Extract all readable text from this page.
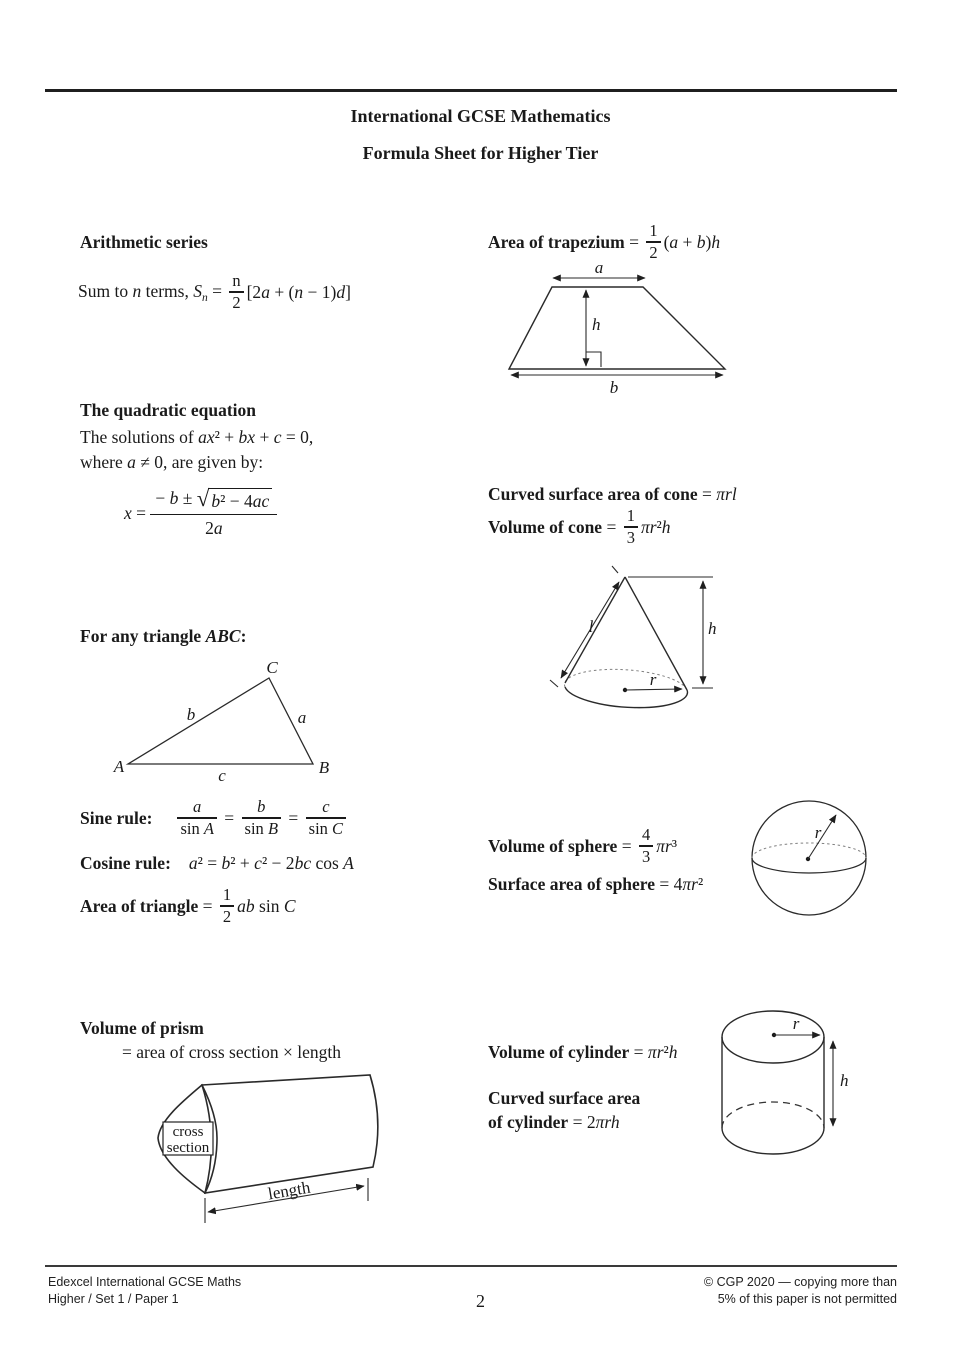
International GCSE Mathematics
Formula Sheet for Higher Tier
Arithmetic series
Sum to n terms, $S_n = \frac{n}{2} [2a + (n - 1)d]$
Area of trapezium = $\frac{1}{2} (a + b)h$
a
h
b
The quadratic equation
The solutions of ax² + bx + c = 0,
where a ≠ 0, are given by:
x =
− b ± √ b² − 4ac
2a
Curved surface area of cone = πrl
Volume of cone = $\frac{1}{3} \pi r^2h$
l	h
r
For any triangle ABC :
A	B
C
b	a
c
Sine rule: $\frac{a}{\text{sin A}} = \frac{b}{\text{sin B}} = \frac{c}{\text{sin C}}$
Cosine rule: a² = b² + c² − 2bc cos A
Area of triangle = $\frac{1}{2}$ ab sin C
Volume of sphere = $\frac{4}{3} \pi r^3$
Surface area of sphere = 4πr²
r
Volume of prism
= area of cross section × length
cross
section
length
Volume of cylinder = πr²h
Curved surface area
of cylinder = 2πrh
r
h
Edexcel International GCSE Maths
Higher / Set 1 / Paper 1
© CGP 2020 — copying more than
5% of this paper is not permitted
2
